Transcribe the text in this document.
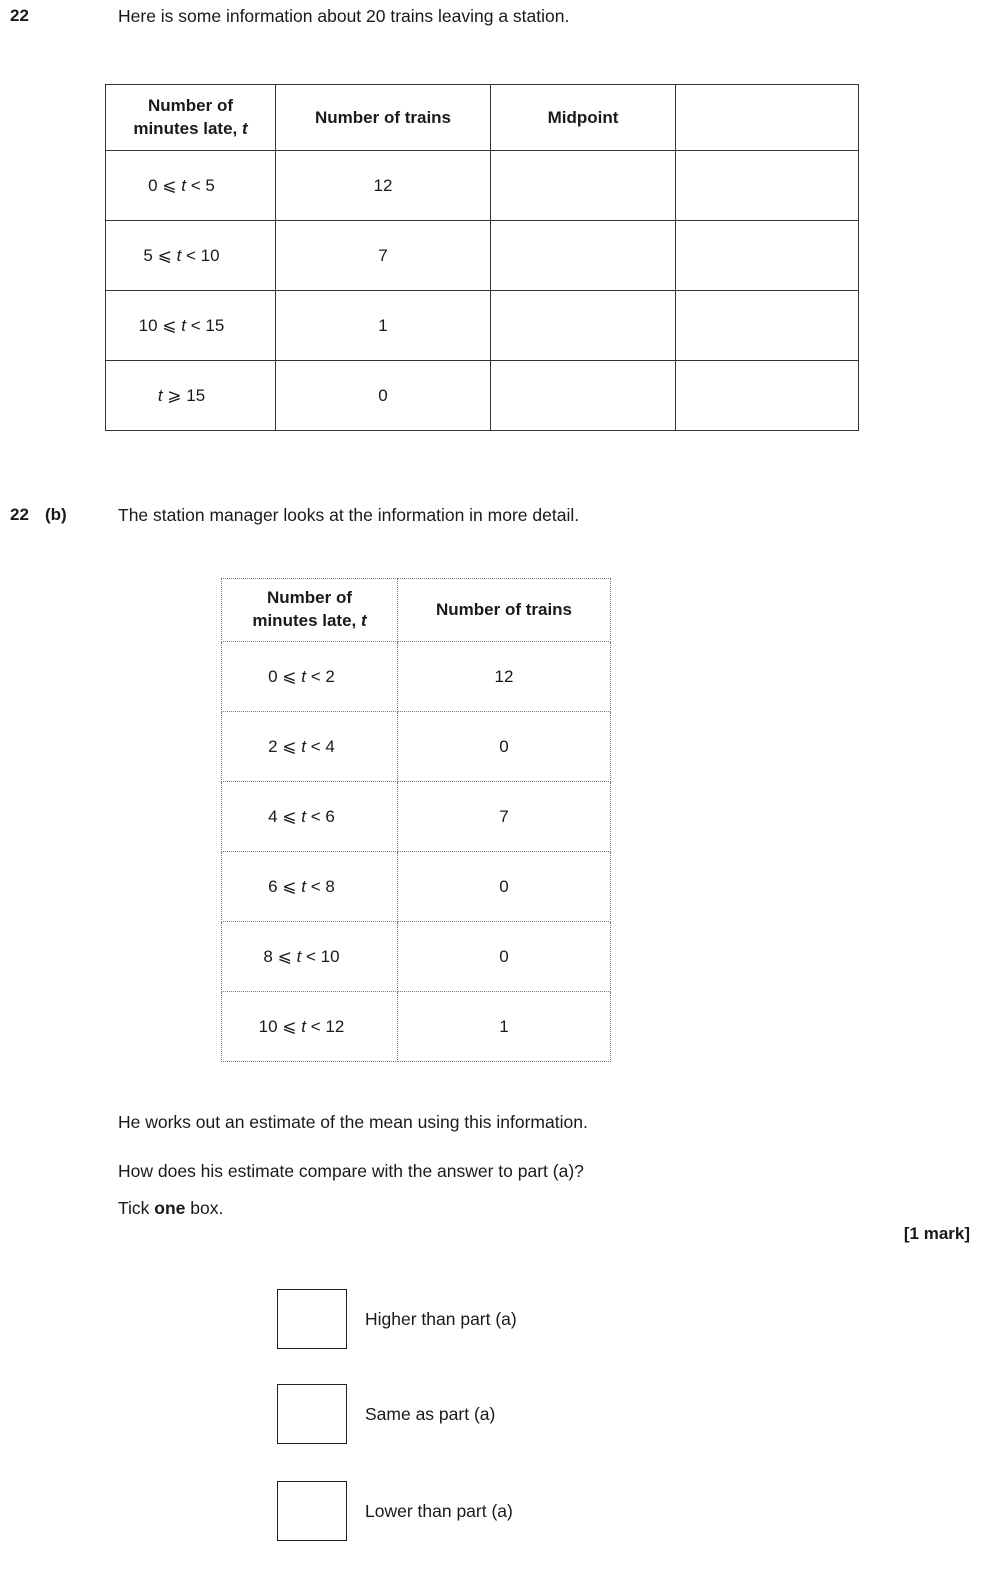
22	Here is some information about 20 trains leaving a station.
Number of
minutes late, t	Number of trains	Midpoint	
0 ⩽ t < 5	12		
5 ⩽ t < 10	7		
10 ⩽ t < 15	1		
t ⩾ 15	0		
22 (b)	The station manager looks at the information in more detail.
Number of
minutes late, t	Number of trains
0 ⩽ t < 2	12
2 ⩽ t < 4	0
4 ⩽ t < 6	7
6 ⩽ t < 8	0
8 ⩽ t < 10	0
10 ⩽ t < 12	1
He works out an estimate of the mean using this information.
How does his estimate compare with the answer to part (a)?
Tick one box.
[1 mark]
Higher than part (a)
Same as part (a)
Lower than part (a)
